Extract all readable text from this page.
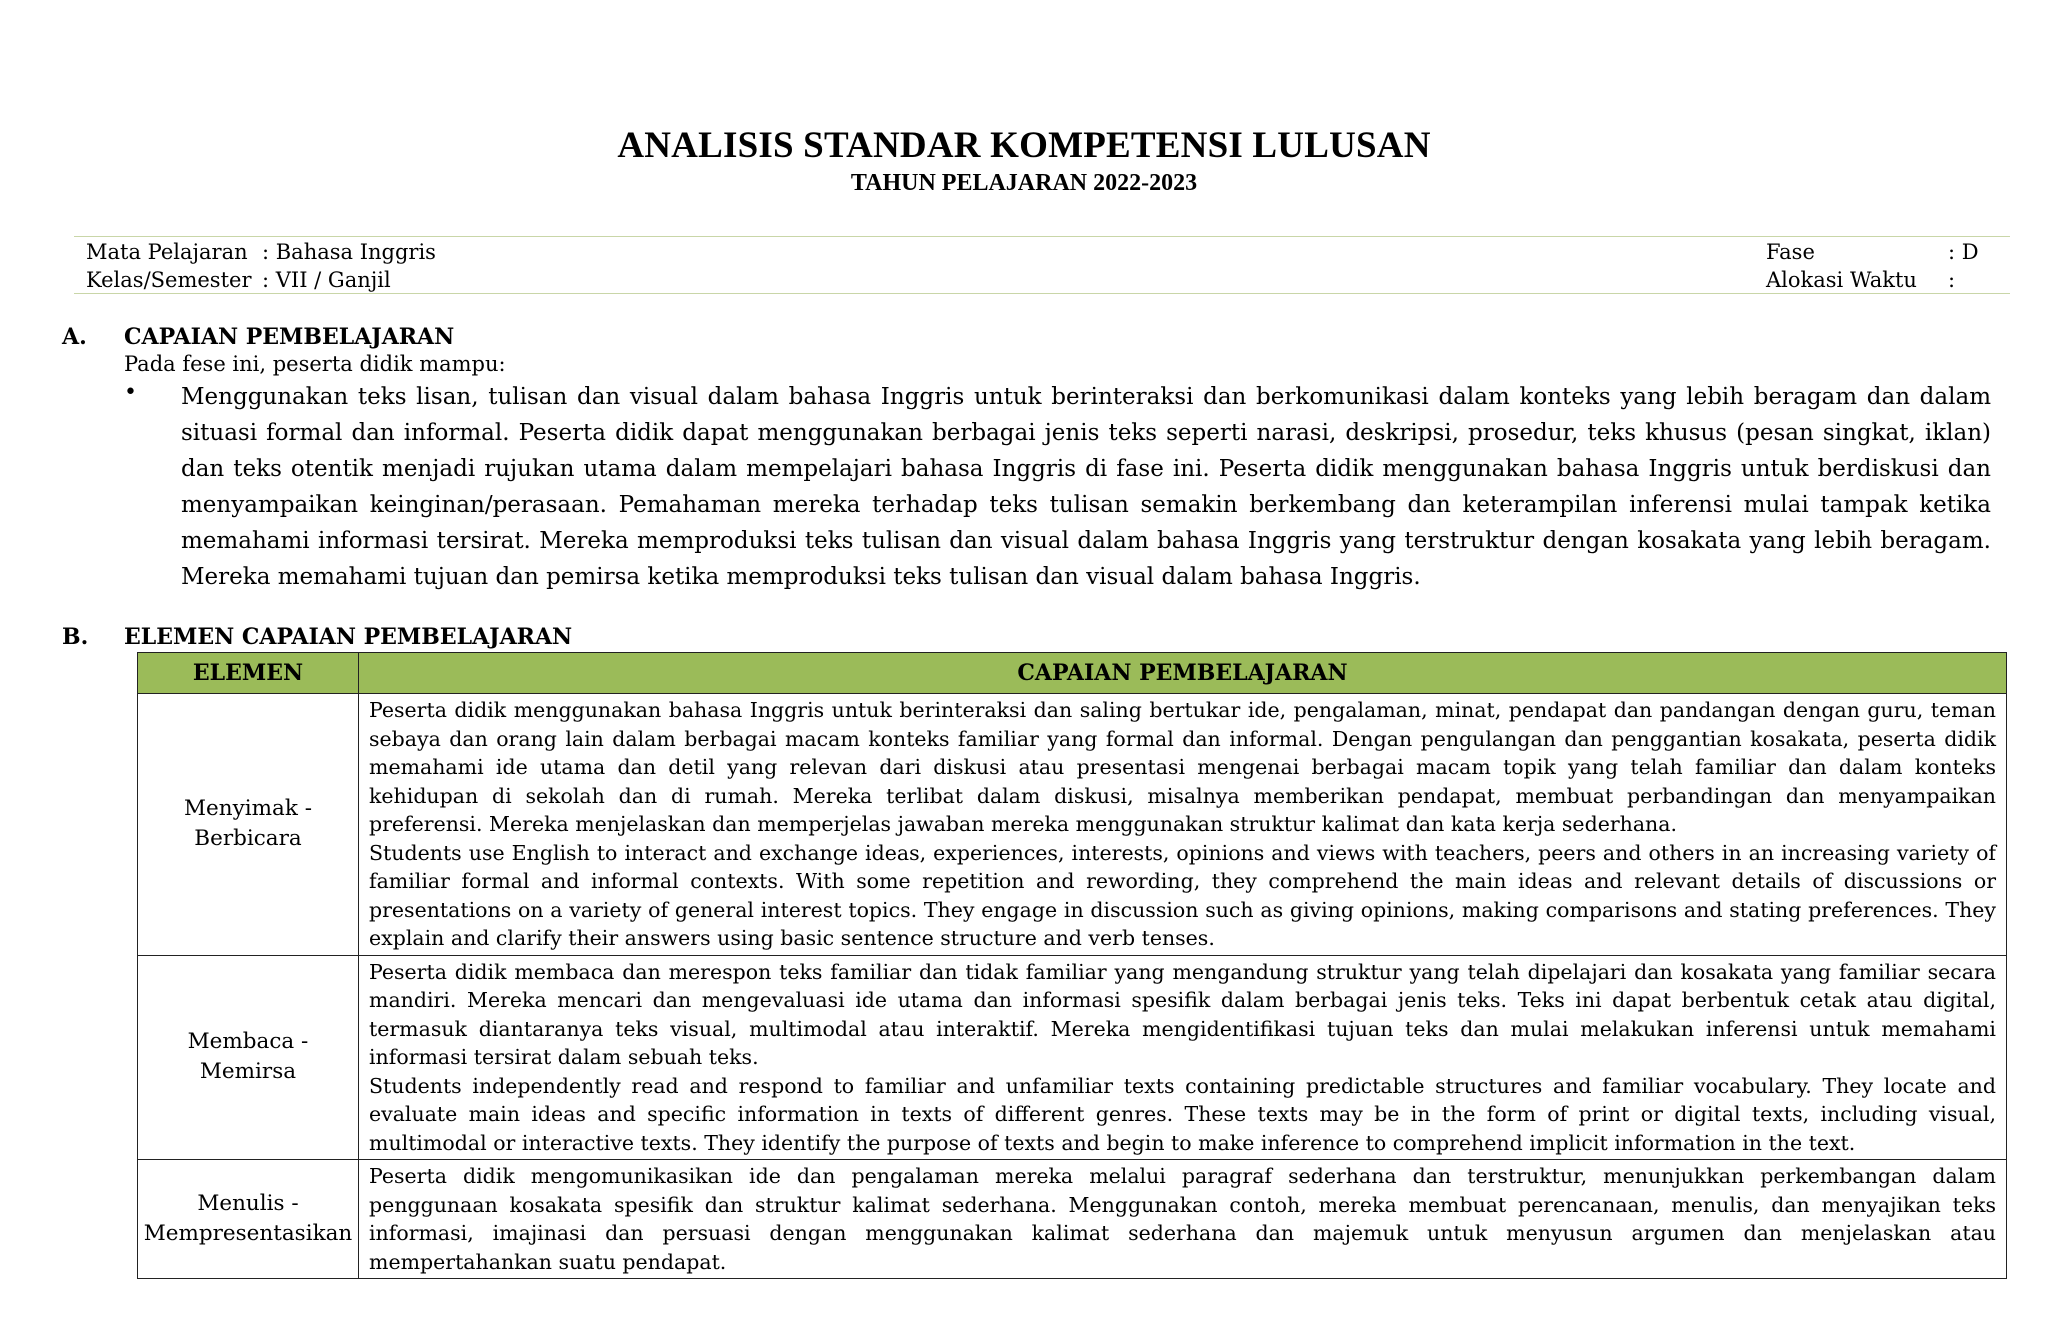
ANALISIS STANDAR KOMPETENSI LULUSAN
TAHUN PELAJARAN 2022-2023
Mata Pelajaran : Bahasa Inggris
Kelas/Semester : VII / Ganjil
Fase	: D
Alokasi Waktu :
A. CAPAIAN PEMBELAJARAN
Pada fese ini, peserta didik mampu:
• Menggunakan teks lisan, tulisan dan visual dalam bahasa Inggris untuk berinteraksi dan berkomunikasi dalam konteks yang lebih beragam dan dalam situasi formal dan informal. Peserta didik dapat menggunakan berbagai jenis teks seperti narasi, deskripsi, prosedur, teks khusus (pesan singkat, iklan) dan teks otentik menjadi rujukan utama dalam mempelajari bahasa Inggris di fase ini. Peserta didik menggunakan bahasa Inggris untuk berdiskusi dan menyampaikan keinginan/perasaan. Pemahaman mereka terhadap teks tulisan semakin berkembang dan keterampilan inferensi mulai tampak ketika memahami informasi tersirat. Mereka memproduksi teks tulisan dan visual dalam bahasa Inggris yang terstruktur dengan kosakata yang lebih beragam. Mereka memahami tujuan dan pemirsa ketika memproduksi teks tulisan dan visual dalam bahasa Inggris.
B. ELEMEN CAPAIAN PEMBELAJARAN
ELEMEN	CAPAIAN PEMBELAJARAN

Menyimak -
Berbicara	Peserta didik menggunakan bahasa Inggris untuk berinteraksi dan saling bertukar ide, pengalaman, minat, pendapat dan pandangan dengan guru, teman sebaya dan orang lain dalam berbagai macam konteks familiar yang formal dan informal. Dengan pengulangan dan penggantian kosakata, peserta didik memahami ide utama dan detil yang relevan dari diskusi atau presentasi mengenai berbagai macam topik yang telah familiar dan dalam konteks kehidupan di sekolah dan di rumah. Mereka terlibat dalam diskusi, misalnya memberikan pendapat, membuat perbandingan dan menyampaikan preferensi. Mereka menjelaskan dan memperjelas jawaban mereka menggunakan struktur kalimat dan kata kerja sederhana.
Students use English to interact and exchange ideas, experiences, interests, opinions and views with teachers, peers and others in an increasing variety of familiar formal and informal contexts. With some repetition and rewording, they comprehend the main ideas and relevant details of discussions or presentations on a variety of general interest topics. They engage in discussion such as giving opinions, making comparisons and stating preferences. They explain and clarify their answers using basic sentence structure and verb tenses.

Membaca -
Memirsa	Peserta didik membaca dan merespon teks familiar dan tidak familiar yang mengandung struktur yang telah dipelajari dan kosakata yang familiar secara mandiri. Mereka mencari dan mengevaluasi ide utama dan informasi spesifik dalam berbagai jenis teks. Teks ini dapat berbentuk cetak atau digital, termasuk diantaranya teks visual, multimodal atau interaktif. Mereka mengidentifikasi tujuan teks dan mulai melakukan inferensi untuk memahami informasi tersirat dalam sebuah teks.
Students independently read and respond to familiar and unfamiliar texts containing predictable structures and familiar vocabulary. They locate and evaluate main ideas and specific information in texts of different genres. These texts may be in the form of print or digital texts, including visual, multimodal or interactive texts. They identify the purpose of texts and begin to make inference to comprehend implicit information in the text.

Menulis -
Mempresentasikan	Peserta didik mengomunikasikan ide dan pengalaman mereka melalui paragraf sederhana dan terstruktur, menunjukkan perkembangan dalam penggunaan kosakata spesifik dan struktur kalimat sederhana. Menggunakan contoh, mereka membuat perencanaan, menulis, dan menyajikan teks informasi, imajinasi dan persuasi dengan menggunakan kalimat sederhana dan majemuk untuk menyusun argumen dan menjelaskan atau mempertahankan suatu pendapat.
